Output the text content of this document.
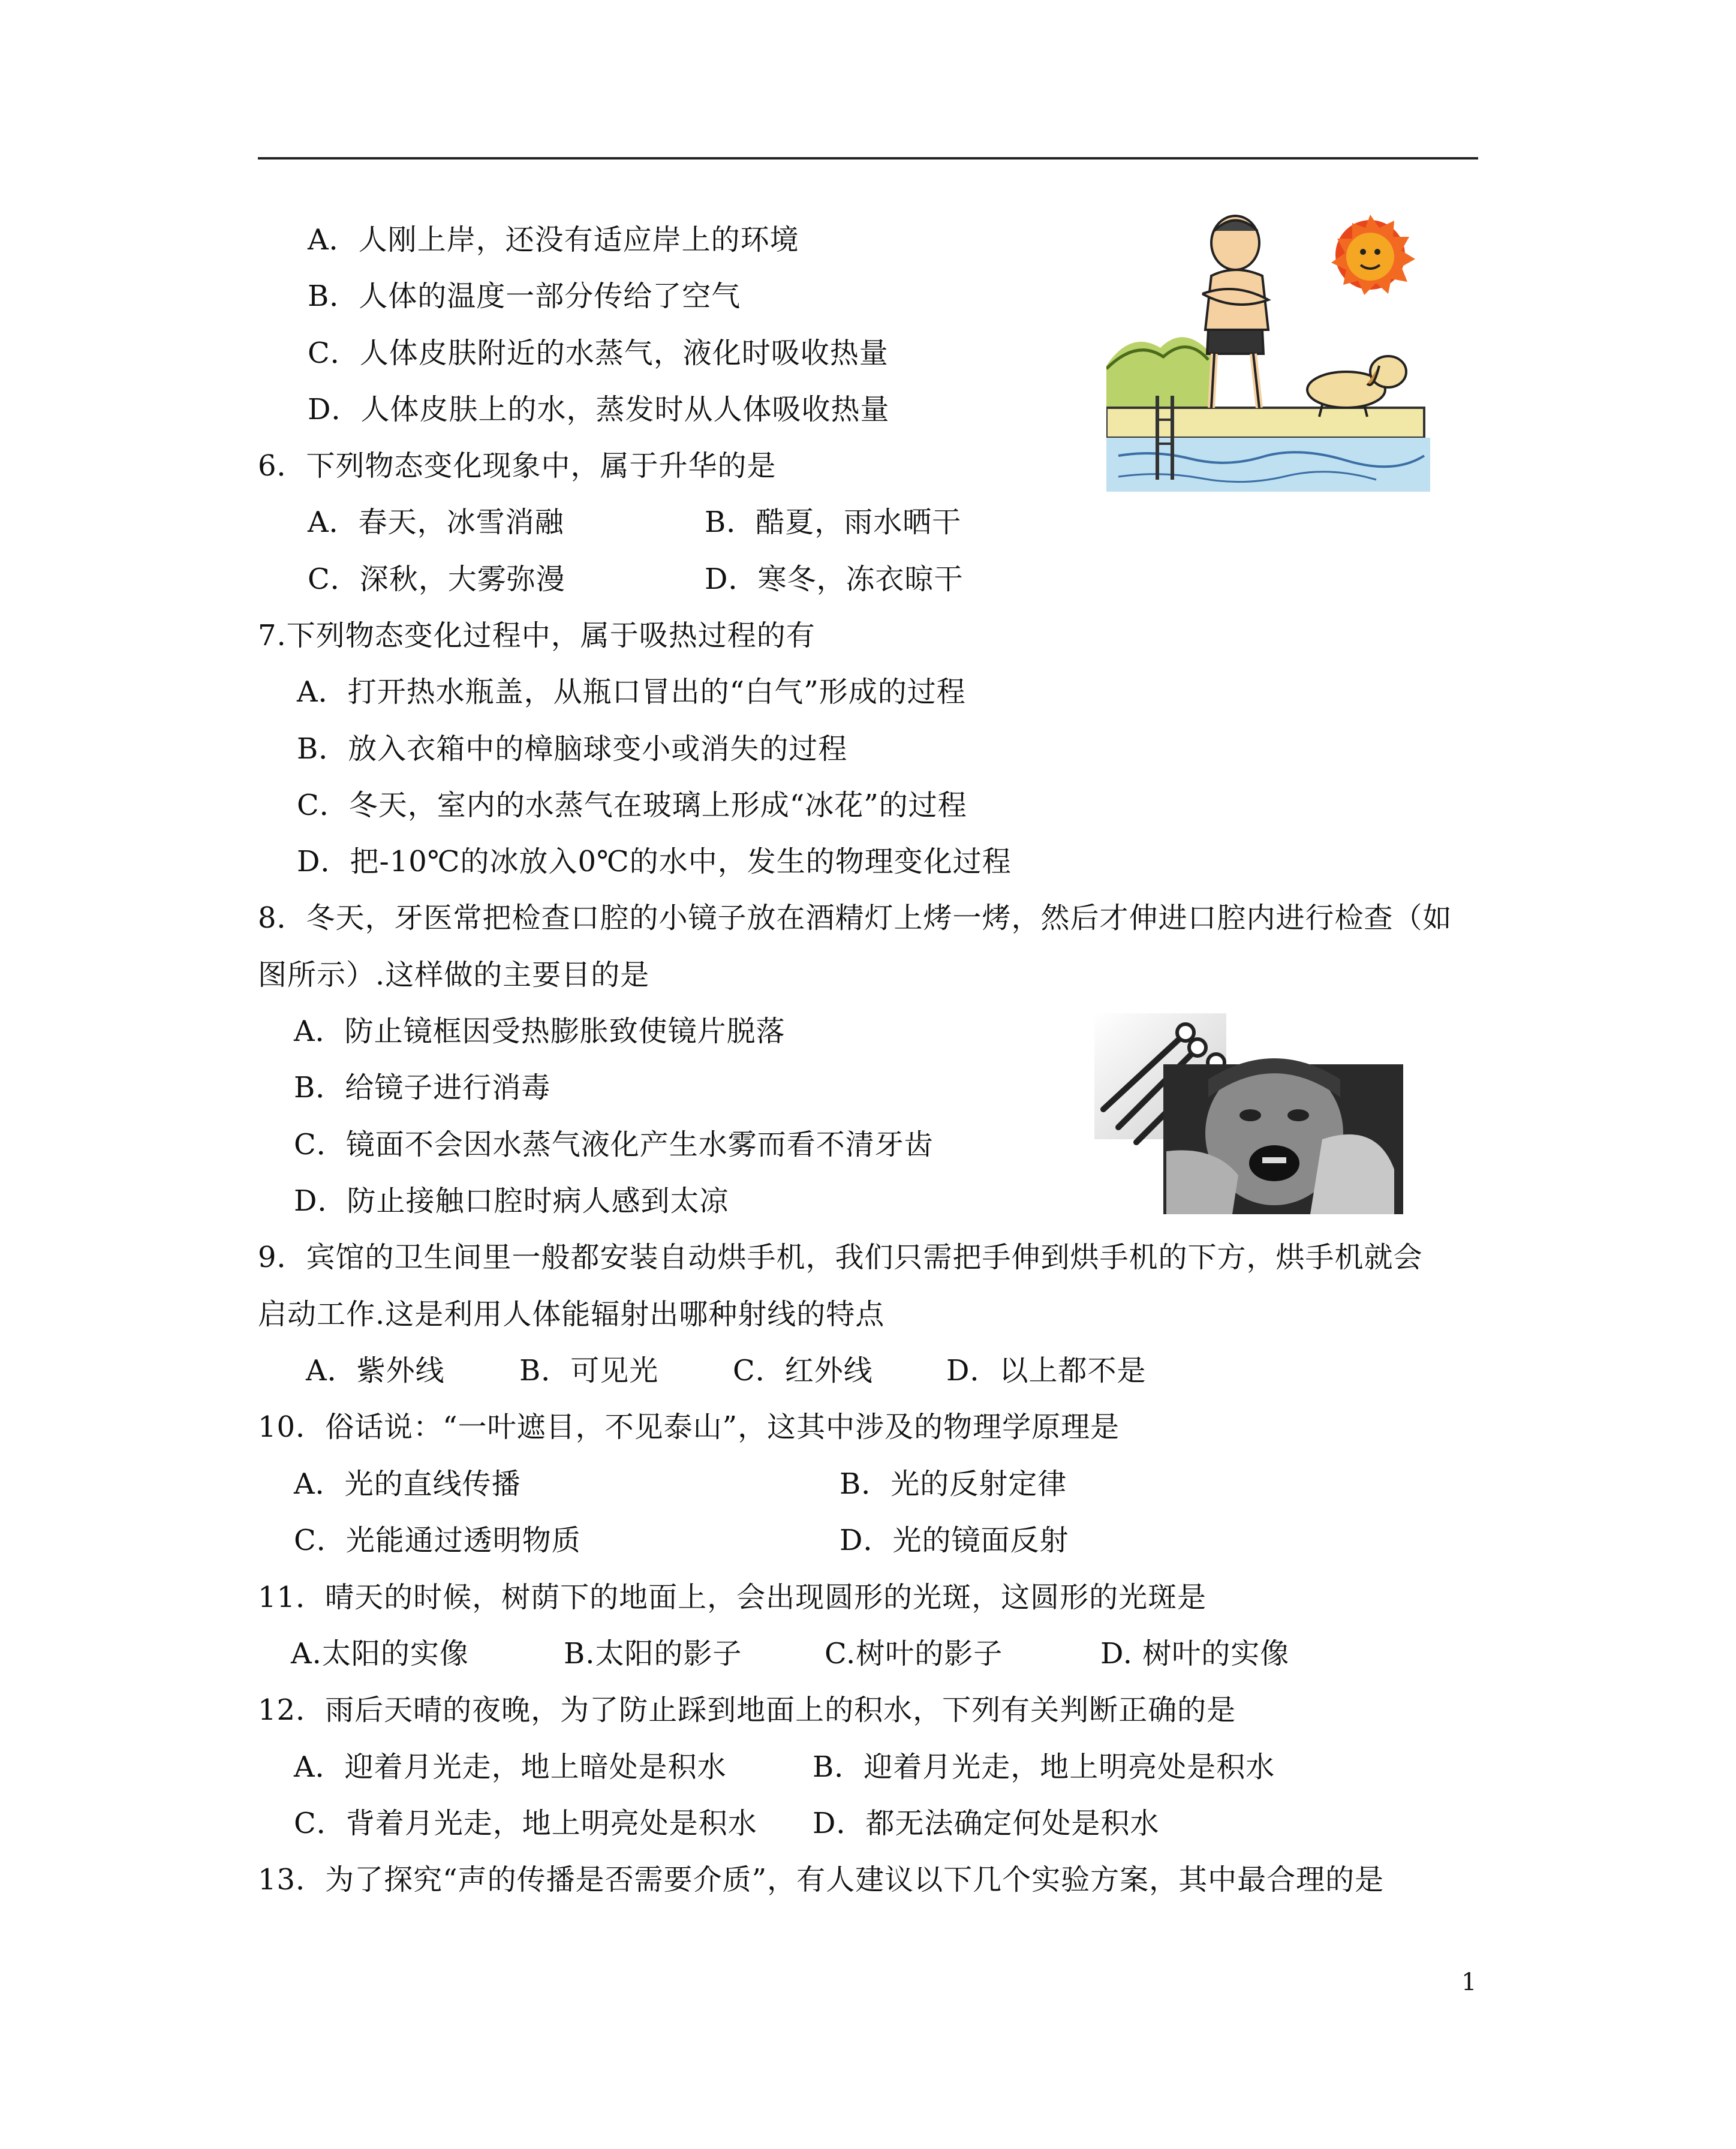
A．人刚上岸，还没有适应岸上的环境
B．人体的温度一部分传给了空气
C．人体皮肤附近的水蒸气，液化时吸收热量
D．人体皮肤上的水，蒸发时从人体吸收热量
6．下列物态变化现象中，属于升华的是
A．春天，冰雪消融	B．酷夏，雨水晒干
C．深秋，大雾弥漫	D．寒冬，冻衣晾干
7.下列物态变化过程中，属于吸热过程的有
A．打开热水瓶盖，从瓶口冒出的“白气”形成的过程
B．放入衣箱中的樟脑球变小或消失的过程
C．冬天，室内的水蒸气在玻璃上形成“冰花”的过程
D．把-10℃的冰放入0℃的水中，发生的物理变化过程
8．冬天，牙医常把检查口腔的小镜子放在酒精灯上烤一烤，然后才伸进口腔内进行检查（如
图所示）.这样做的主要目的是
A．防止镜框因受热膨胀致使镜片脱落
B．给镜子进行消毒
C．镜面不会因水蒸气液化产生水雾而看不清牙齿
D．防止接触口腔时病人感到太凉
9．宾馆的卫生间里一般都安装自动烘手机，我们只需把手伸到烘手机的下方，烘手机就会
启动工作.这是利用人体能辐射出哪种射线的特点
A．紫外线	B．可见光	C．红外线	D．以上都不是
10．俗话说：“一叶遮目，不见泰山”，这其中涉及的物理学原理是
A．光的直线传播	B．光的反射定律
C．光能通过透明物质	D．光的镜面反射
11．晴天的时候，树荫下的地面上，会出现圆形的光斑，这圆形的光斑是
A.太阳的实像	B.太阳的影子	C.树叶的影子	D. 树叶的实像
12．雨后天晴的夜晚，为了防止踩到地面上的积水，下列有关判断正确的是
A．迎着月光走，地上暗处是积水	B．迎着月光走，地上明亮处是积水
C．背着月光走，地上明亮处是积水 D．都无法确定何处是积水
13．为了探究“声的传播是否需要介质”，有人建议以下几个实验方案，其中最合理的是
1
